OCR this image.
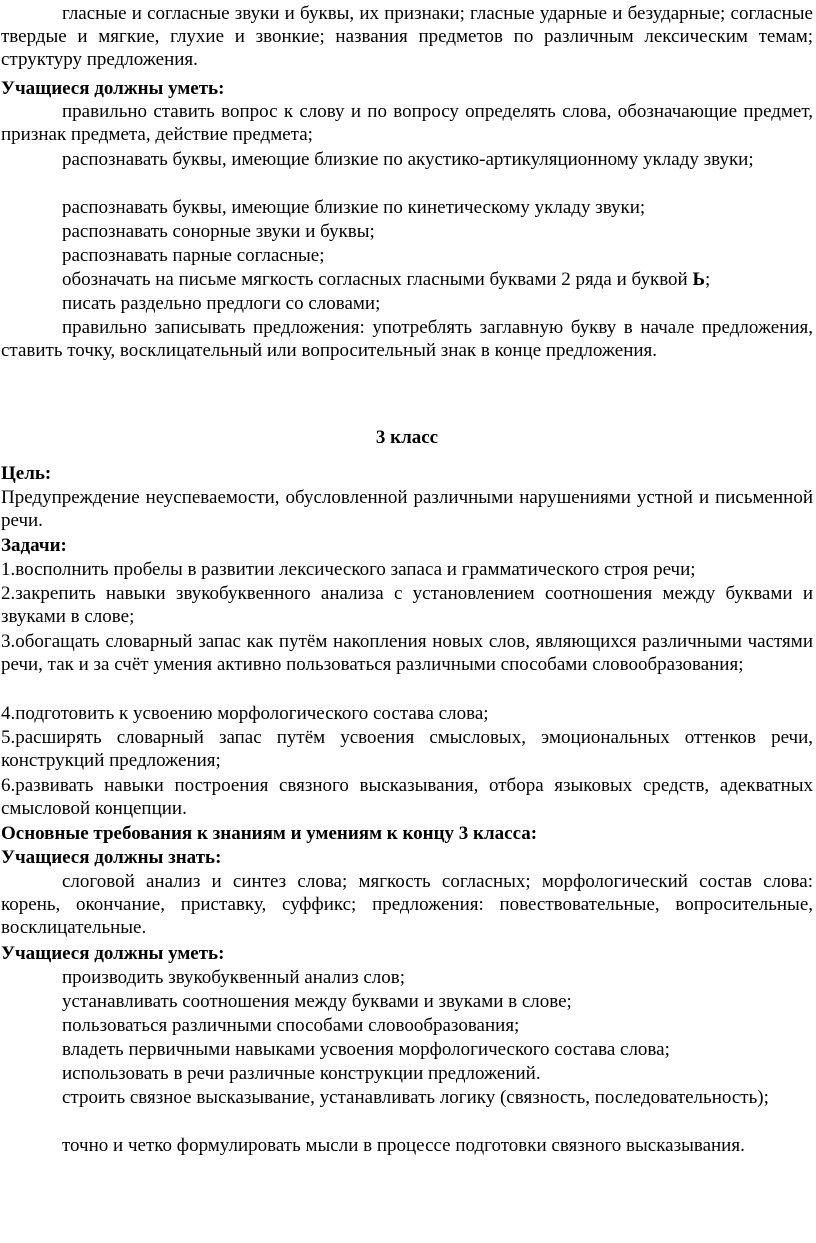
гласные и согласные звуки и буквы, их признаки; гласные ударные и безударные; согласные твердые и мягкие, глухие и звонкие; названия предметов по различным лексическим темам; структуру предложения.

Учащиеся должны уметь:

правильно ставить вопрос к слову и по вопросу определять слова, обозначающие предмет, признак предмета, действие предмета;

распознавать буквы, имеющие близкие по акустико-артикуляционному укладу звуки;

распознавать буквы, имеющие близкие по кинетическому укладу звуки;

распознавать сонорные звуки и буквы;

распознавать парные согласные;

обозначать на письме мягкость согласных гласными буквами 2 ряда и буквой Ь;

писать раздельно предлоги со словами;

правильно записывать предложения: употреблять заглавную букву в начале предложения, ставить точку, восклицательный или вопросительный знак в конце предложения.

3 класс

Цель:

Предупреждение неуспеваемости, обусловленной различными нарушениями устной и письменной речи.

Задачи:

1.восполнить пробелы в развитии лексического запаса и грамматического строя речи;

2.закрепить навыки звукобуквенного анализа с установлением соотношения между буквами и звуками в слове;

3.обогащать словарный запас как путём накопления новых слов, являющихся различными частями речи, так и за счёт умения активно пользоваться различными способами словообразования;

4.подготовить к усвоению морфологического состава слова;

5.расширять словарный запас путём усвоения смысловых, эмоциональных оттенков речи, конструкций предложения;

6.развивать навыки построения связного высказывания, отбора языковых средств, адекватных смысловой концепции.

Основные требования к знаниям и умениям к концу 3 класса:

Учащиеся должны знать:

слоговой анализ и синтез слова; мягкость согласных; морфологический состав слова: корень, окончание, приставку, суффикс; предложения: повествовательные, вопросительные, восклицательные.

Учащиеся должны уметь:

производить звукобуквенный анализ слов;

устанавливать соотношения между буквами и звуками в слове;

пользоваться различными способами словообразования;

владеть первичными навыками усвоения морфологического состава слова;

использовать в речи различные конструкции предложений.

строить связное высказывание, устанавливать логику (связность, последовательность);

точно и четко формулировать мысли в процессе подготовки связного высказывания.
